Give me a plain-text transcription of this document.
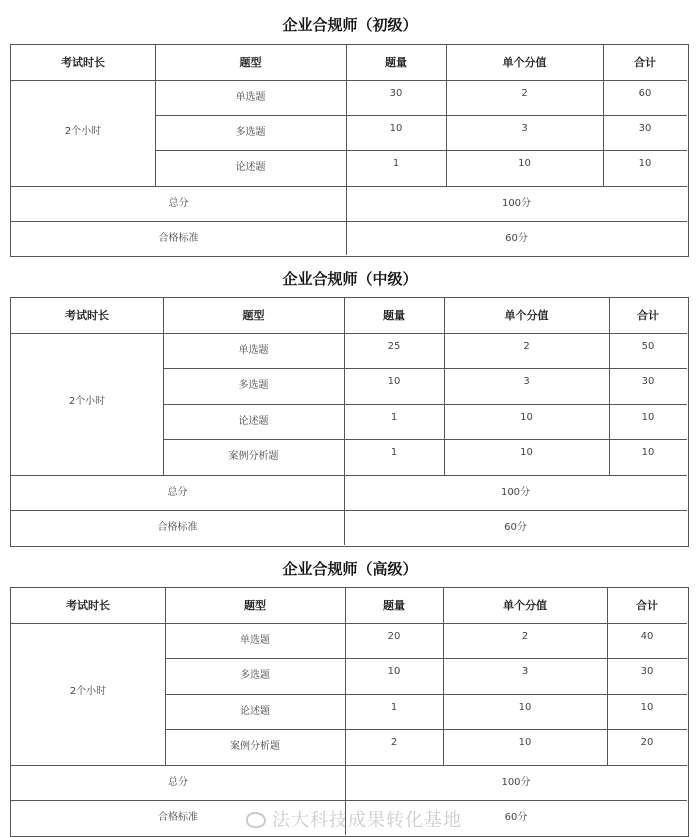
企业合规师（初级）
考试时长	题型	题量	单个分值	合计
2个小时
单选题	30	2	60
多选题	10	3	30
论述题	1	10	10
总分	100分
合格标准	60分
企业合规师（中级）
考试时长	题型	题量	单个分值	合计
2个小时
单选题	25	2	50
多选题	10	3	30
论述题	1	10	10
案例分析题	1	10	10
总分	100分
合格标准	60分
企业合规师（高级）
考试时长	题型	题量	单个分值	合计
2个小时
单选题	20	2	40
多选题	10	3	30
论述题	1	10	10
案例分析题	2	10	20
总分	100分
合格标准	60分
法大科技成果转化基地
